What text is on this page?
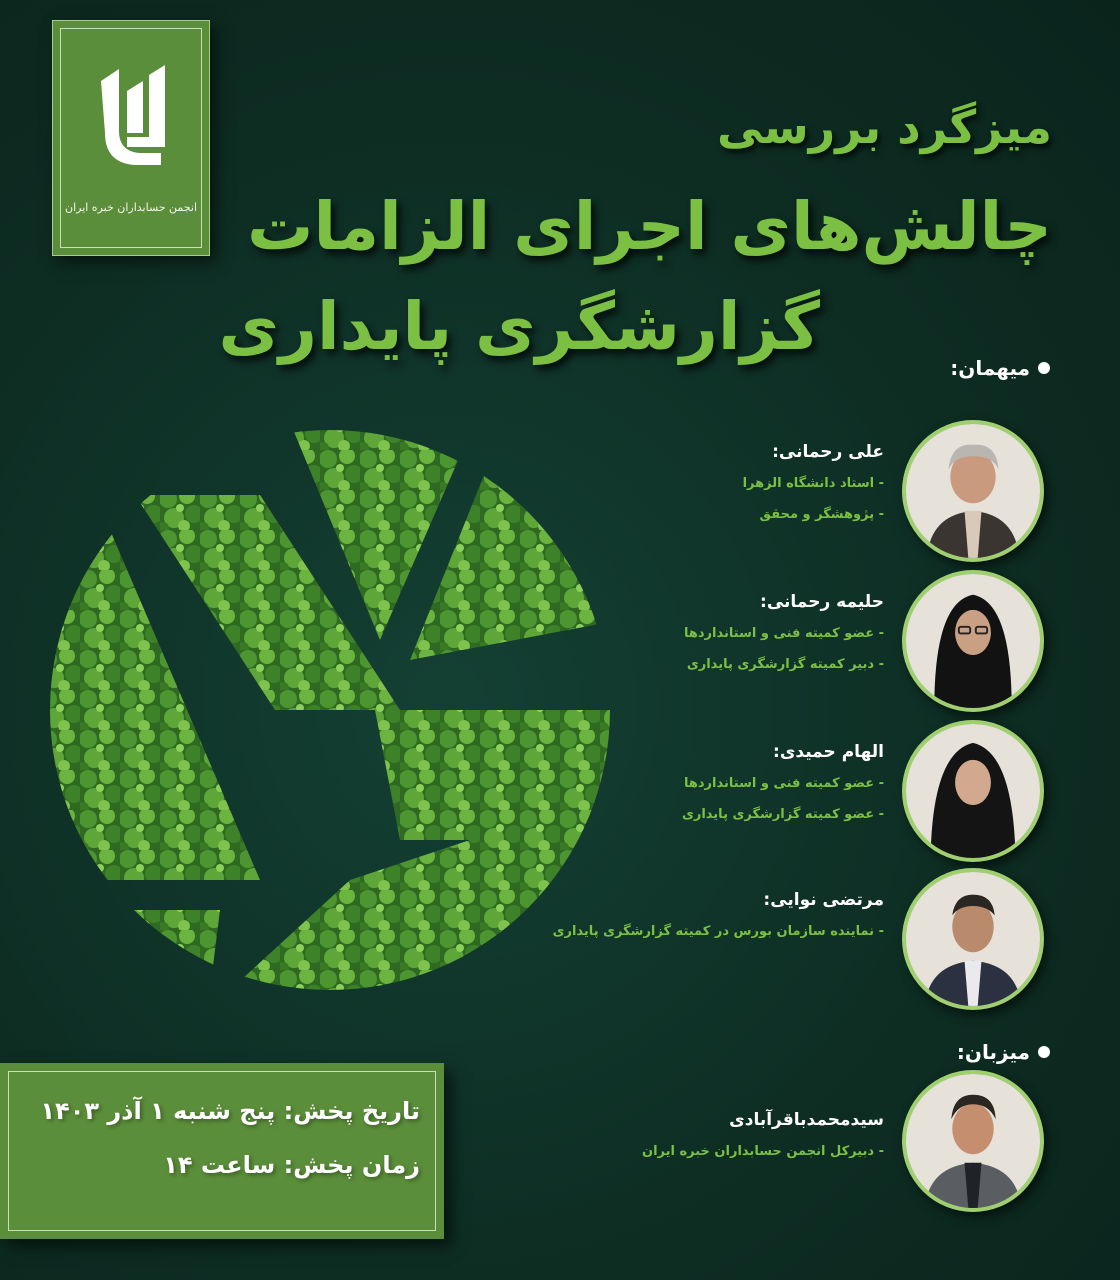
انجمن حسابداران خبره ایران
میزگرد بررسی
چالش‌های اجرای الزامات
گزارشگری پایداری
میهمان:
علی رحمانی:
- استاد دانشگاه الزهرا
- پژوهشگر و محقق
حلیمه رحمانی:
- عضو کمیته فنی و استانداردها
- دبیر کمیته گزارشگری پایداری
الهام حمیدی:
- عضو کمیته فنی و استانداردها
- عضو کمیته گزارشگری پایداری
مرتضی نوایی:
- نماینده سازمان بورس در کمیته گزارشگری پایداری
میزبان:
سیدمحمدباقرآبادی
- دبیرکل انجمن حسابداران خبره ایران
تاریخ پخش: پنج شنبه ۱ آذر ۱۴۰۳
زمان پخش: ساعت ۱۴
